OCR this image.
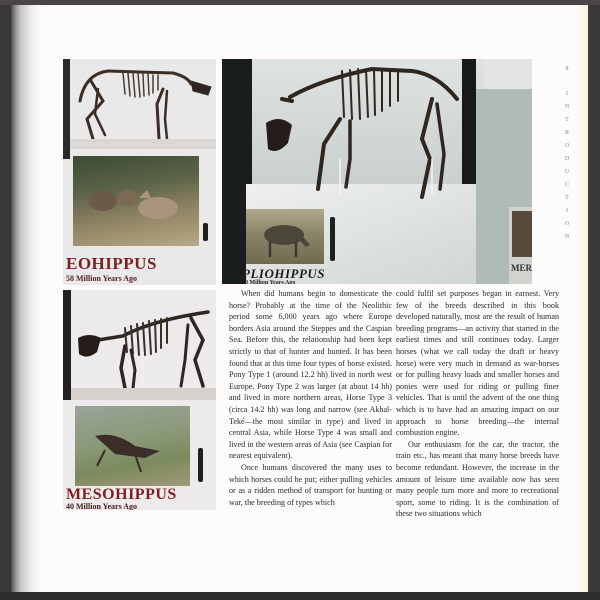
EOHIPPUS
58 Million Years Ago	PLIOHIPPUS
10 Million Years Ago
MER
MESOHIPPUS
40 Million Years Ago

When did humans begin to domesticate the horse? Probably at the time of the Neolithic period some 6,000 years ago where Europe borders Asia around the Steppes and the Caspian Sea. Before this, the relationship had been kept strictly to that of hunter and hunted. It has been found that at this time four types of horse existed. Pony Type 1 (around 12.2 hh) lived in north west Europe. Pony Type 2 was larger (at about 14 hh) and lived in more northern areas, Horse Type 3 (circa 14.2 hh) was long and narrow (see Akhal-Teké—the most similar in type) and lived in central Asia, while Horse Type 4 was small and lived in the western areas of Asia (see Caspian for nearest equivalent).

Once humans discovered the many uses to which horses could be put; either pulling vehicles or as a ridden method of transport for hunting or war, the breeding of types which

could fulfil set purposes began in earnest. Very few of the breeds described in this book developed naturally, most are the result of human breeding programs—an activity that started in the earliest times and still continues today. Larger horses (what we call today the draft or heavy horse) were very much in demand as war-horses or for pulling heavy loads and smaller horses and ponies were used for riding or pulling finer vehicles. That is until the advent of the one thing which is to have had an amazing impact on our approach to horse breeding—the internal combustion engine.

Our enthusiasm for the car, the tractor, the train etc., has meant that many horse breeds have become redundant. However, the increase in the amount of leisure time available now has seen many people turn more and more to recreational sport, some to riding. It is the combination of these two situations which

8
I
N
T
R
O
D
U
C
T
I
O
N
